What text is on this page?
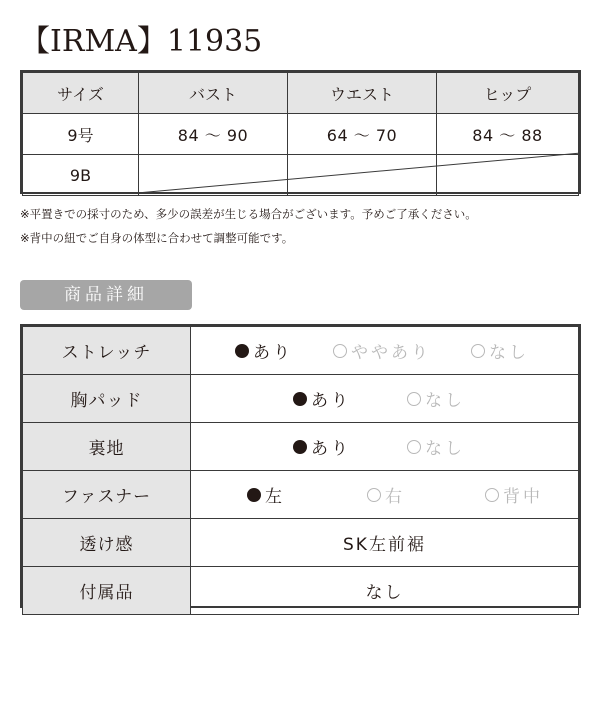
【IRMA】11935
サイズ	バスト	ウエスト	ヒップ
9号	84 ～ 90	64 ～ 70	84 ～ 88
9B			
※平置きでの採寸のため、多少の誤差が生じる場合がございます。予めご了承ください。
※背中の紐でご自身の体型に合わせて調整可能です。
商品詳細
ストレッチ	あり ややあり なし

胸パッド	あり なし

裏地	あり なし

ファスナー	左 右 背中

透け感	SK左前裾
付属品	なし
